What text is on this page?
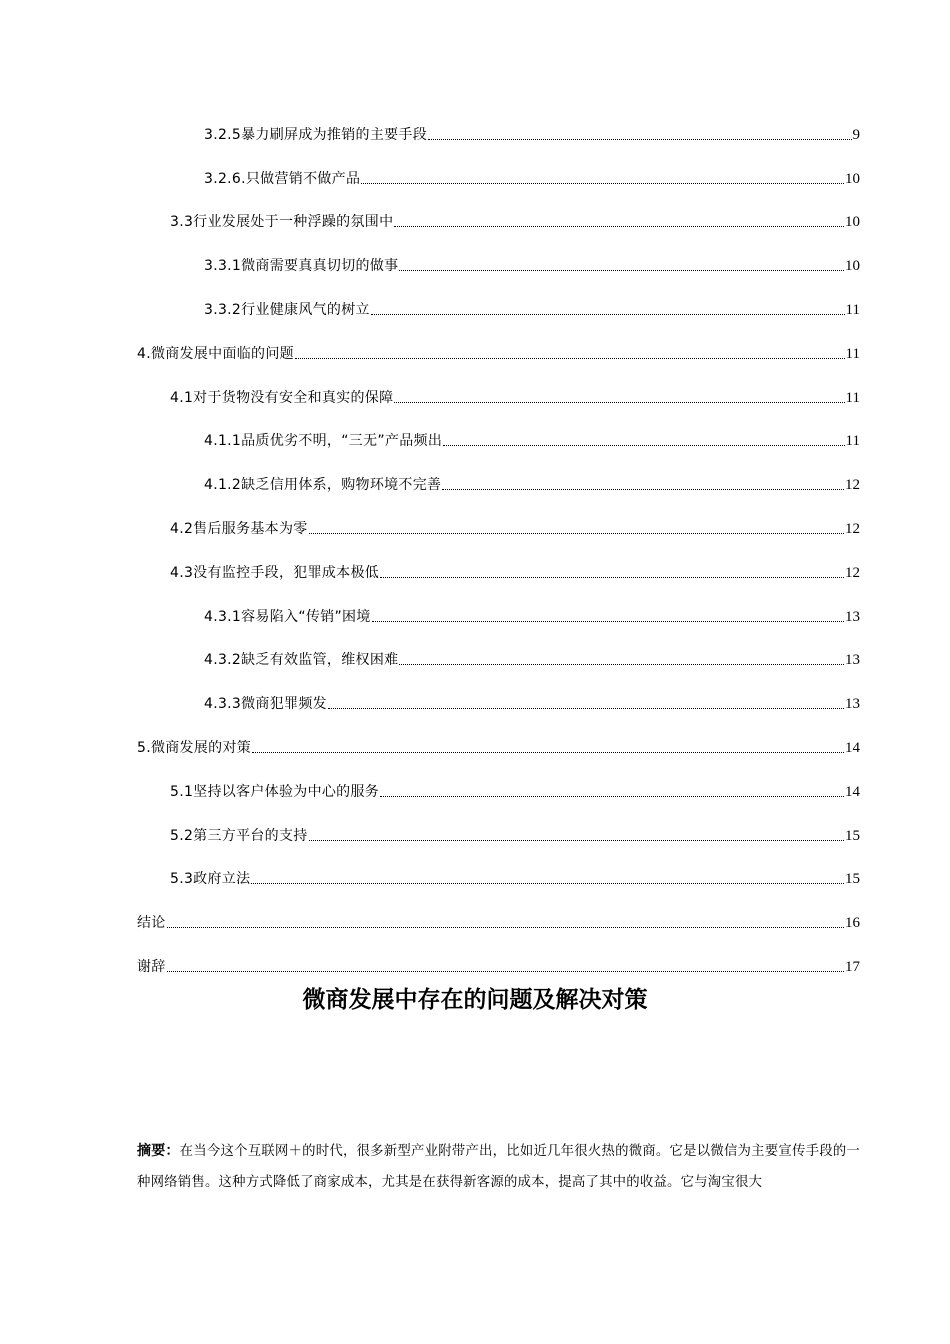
3.2.5暴力刷屏成为推销的主要手段	9
3.2.6.只做营销不做产品	10
3.3行业发展处于一种浮躁的氛围中	10
3.3.1微商需要真真切切的做事	10
3.3.2行业健康风气的树立	11
4.微商发展中面临的问题	11
4.1对于货物没有安全和真实的保障	11
4.1.1品质优劣不明，“三无”产品频出	11
4.1.2缺乏信用体系，购物环境不完善	12
4.2售后服务基本为零	12
4.3没有监控手段，犯罪成本极低	12
4.3.1容易陷入“传销”困境	13
4.3.2缺乏有效监管，维权困难	13
4.3.3微商犯罪频发	13
5.微商发展的对策	14
5.1坚持以客户体验为中心的服务	14
5.2第三方平台的支持	15
5.3政府立法	15
结论	16
谢辞	17
微商发展中存在的问题及解决对策
摘要：在当今这个互联网＋的时代，很多新型产业附带产出，比如近几年很火热的微商。它是以微信为主要宣传手段的一种网络销售。这种方式降低了商家成本，尤其是在获得新客源的成本，提高了其中的收益。它与淘宝很大
